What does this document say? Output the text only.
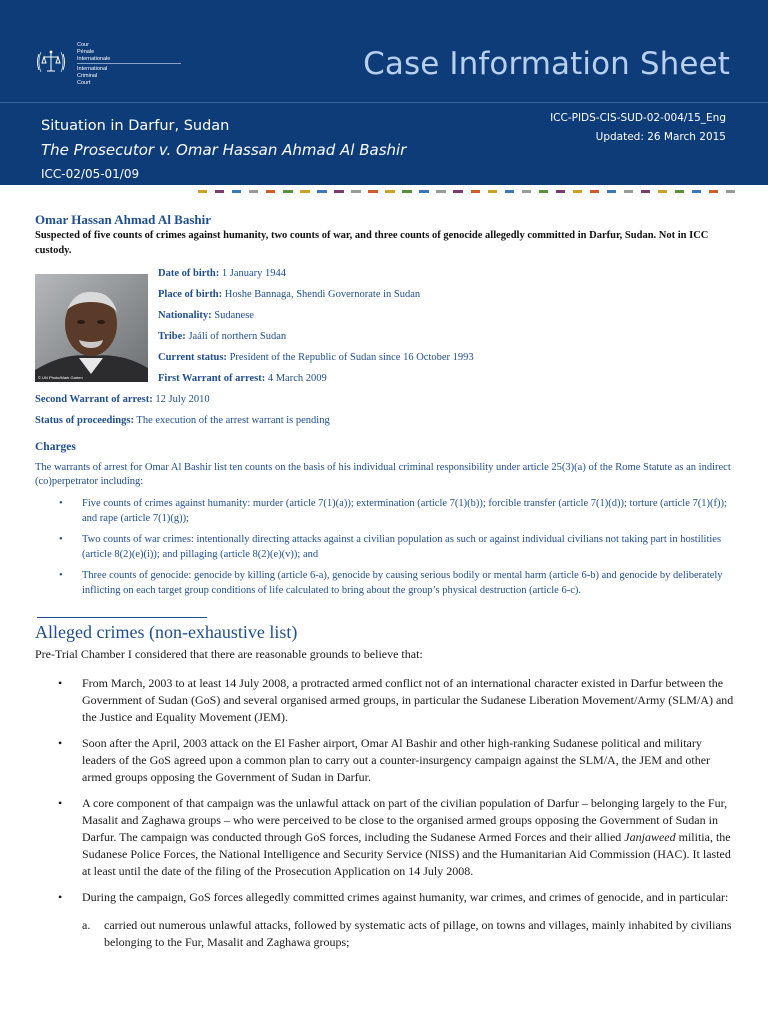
Cour
Pénale
Internationale
International
Criminal
Court
Case Information Sheet
Situation in Darfur, Sudan
The Prosecutor v. Omar Hassan Ahmad Al Bashir
ICC-02/05-01/09
ICC-PIDS-CIS-SUD-02-004/15_Eng
Updated: 26 March 2015
Omar Hassan Ahmad Al Bashir
Suspected of five counts of crimes against humanity, two counts of war, and three counts of genocide allegedly committed in Darfur, Sudan. Not in ICC custody.
© UN Photo/Mark Garten
Date of birth: 1 January 1944
Place of birth: Hoshe Bannaga, Shendi Governorate in Sudan
Nationality: Sudanese
Tribe: Jaáli of northern Sudan
Current status: President of the Republic of Sudan since 16 October 1993
First Warrant of arrest: 4 March 2009
Second Warrant of arrest: 12 July 2010
Status of proceedings: The execution of the arrest warrant is pending
Charges
The warrants of arrest for Omar Al Bashir list ten counts on the basis of his individual criminal responsibility under article 25(3)(a) of the Rome Statute as an indirect (co)perpetrator including:
• Five counts of crimes against humanity: murder (article 7(1)(a)); extermination (article 7(1)(b)); forcible transfer (article 7(1)(d)); torture (article 7(1)(f)); and rape (article 7(1)(g));
• Two counts of war crimes: intentionally directing attacks against a civilian population as such or against individual civilians not taking part in hostilities (article 8(2)(e)(i)); and pillaging (article 8(2)(e)(v)); and
• Three counts of genocide: genocide by killing (article 6-a), genocide by causing serious bodily or mental harm (article 6-b) and genocide by deliberately inflicting on each target group conditions of life calculated to bring about the group’s physical destruction (article 6-c).
Alleged crimes (non-exhaustive list)
Pre-Trial Chamber I considered that there are reasonable grounds to believe that:
• From March, 2003 to at least 14 July 2008, a protracted armed conflict not of an international character existed in Darfur between the Government of Sudan (GoS) and several organised armed groups, in particular the Sudanese Liberation Movement/Army (SLM/A) and the Justice and Equality Movement (JEM).
• Soon after the April, 2003 attack on the El Fasher airport, Omar Al Bashir and other high-ranking Sudanese political and military leaders of the GoS agreed upon a common plan to carry out a counter-insurgency campaign against the SLM/A, the JEM and other armed groups opposing the Government of Sudan in Darfur.
• A core component of that campaign was the unlawful attack on part of the civilian population of Darfur – belonging largely to the Fur, Masalit and Zaghawa groups – who were perceived to be close to the organised armed groups opposing the Government of Sudan in Darfur. The campaign was conducted through GoS forces, including the Sudanese Armed Forces and their allied Janjaweed militia, the Sudanese Police Forces, the National Intelligence and Security Service (NISS) and the Humanitarian Aid Commission (HAC). It lasted at least until the date of the filing of the Prosecution Application on 14 July 2008.
• During the campaign, GoS forces allegedly committed crimes against humanity, war crimes, and crimes of genocide, and in particular:
a. carried out numerous unlawful attacks, followed by systematic acts of pillage, on towns and villages, mainly inhabited by civilians belonging to the Fur, Masalit and Zaghawa groups;
